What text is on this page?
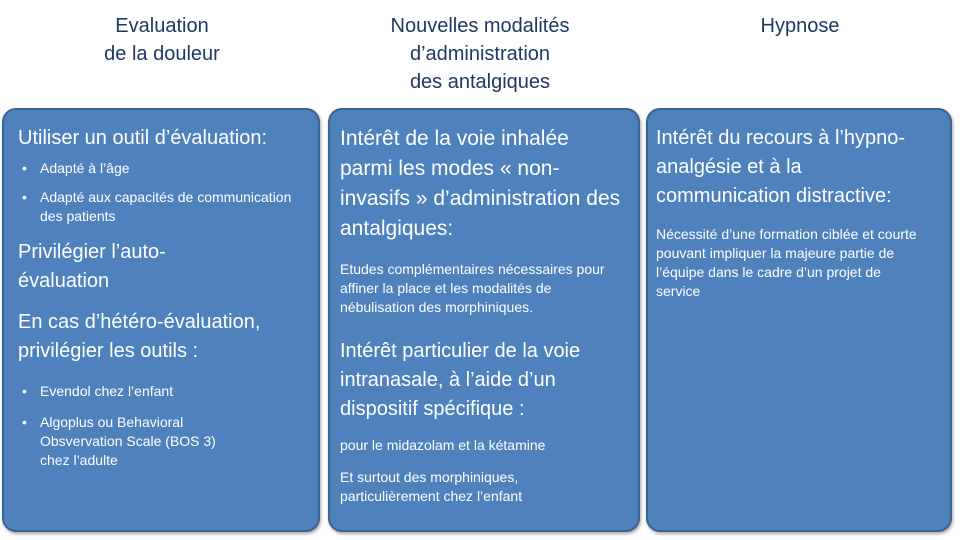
Evaluation
de la douleur
Nouvelles modalités
d’administration
des antalgiques
Hypnose

Utiliser un outil d’évaluation:

• Adapté à l’âge
• Adapté aux capacités de communication des patients

Privilégier l’auto-évaluation

En cas d’hétéro-évaluation, privilégier les outils :

• Evendol chez l’enfant
• Algoplus ou Behavioral Obsvervation Scale (BOS 3) chez l’adulte

Intérêt de la voie inhalée parmi les modes « non-invasifs » d’administration des antalgiques:

Etudes complémentaires nécessaires pour affiner la place et les modalités de nébulisation des morphiniques.

Intérêt particulier de la voie intranasale, à l’aide d’un dispositif spécifique :

pour le midazolam et la kétamine

Et surtout des morphiniques, particulièrement chez l’enfant

Intérêt du recours à l’hypno-analgésie et à la communication distractive:

Nécessité d’une formation ciblée et courte pouvant impliquer la majeure partie de l’équipe dans le cadre d’un projet de service
